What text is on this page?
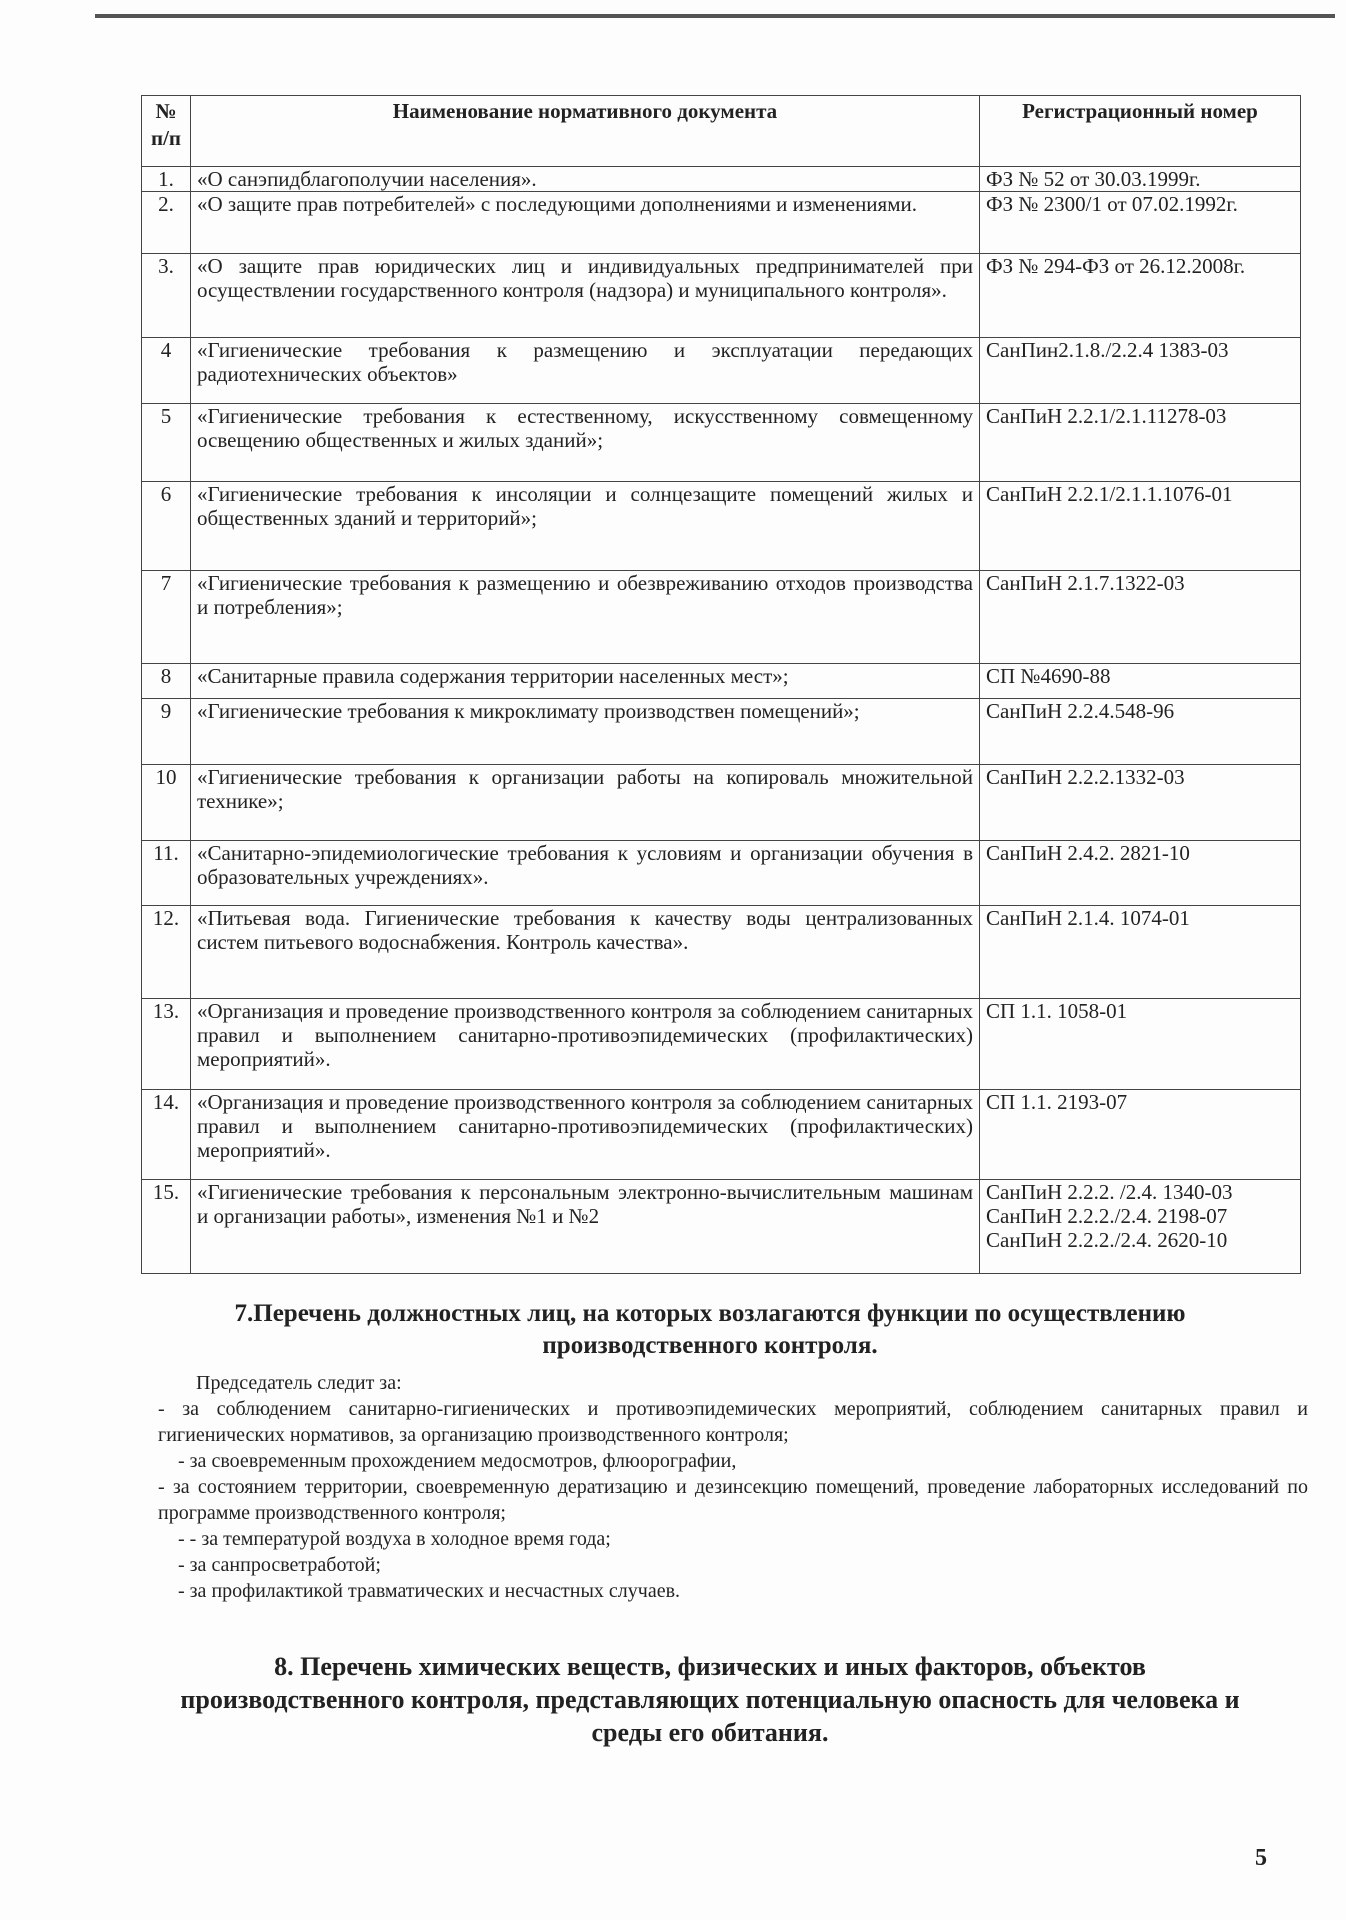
№ п/п	Наименование нормативного документа	Регистрационный номер
1.	«О санэпидблагополучии населения».	ФЗ № 52 от 30.03.1999г.
2.	«О защите прав потребителей» с последующими дополнениями и изменениями.	ФЗ № 2300/1 от 07.02.1992г.
3.	«О защите прав юридических лиц и индивидуальных предпринимателей при осуществлении государственного контроля (надзора) и муниципального контроля».	ФЗ № 294-ФЗ от 26.12.2008г.
4	«Гигиенические требования к размещению и эксплуатации передающих радиотехнических объектов»	СанПин2.1.8./2.2.4 1383-03
5	«Гигиенические требования к естественному, искусственному совмещенному освещению общественных и жилых зданий»;	СанПиН 2.2.1/2.1.11278-03
6	«Гигиенические требования к инсоляции и солнцезащите помещений жилых и общественных зданий и территорий»;	СанПиН 2.2.1/2.1.1.1076-01
7	«Гигиенические требования к размещению и обезвреживанию отходов производства и потребления»;	СанПиН 2.1.7.1322-03
8	«Санитарные правила содержания территории населенных мест»;	СП №4690-88
9	«Гигиенические требования к микроклимату производствен помещений»;	СанПиН 2.2.4.548-96
10	«Гигиенические требования к организации работы на копироваль множительной технике»;	СанПиН 2.2.2.1332-03
11.	«Санитарно-эпидемиологические требования к условиям и организации обучения в образовательных учреждениях».	СанПиН 2.4.2. 2821-10
12.	«Питьевая вода. Гигиенические требования к качеству воды централизованных систем питьевого водоснабжения. Контроль качества».	СанПиН 2.1.4. 1074-01
13.	«Организация и проведение производственного контроля за соблюдением санитарных правил и выполнением санитарно-противоэпидемических (профилактических) мероприятий».	СП 1.1. 1058-01
14.	«Организация и проведение производственного контроля за соблюдением санитарных правил и выполнением санитарно-противоэпидемических (профилактических) мероприятий».	СП 1.1. 2193-07
15.	«Гигиенические требования к персональным электронно-вычислительным машинам и организации работы», изменения №1 и №2	СанПиН 2.2.2. /2.4. 1340-03
СанПиН 2.2.2./2.4. 2198-07
СанПиН 2.2.2./2.4. 2620-10
7.Перечень должностных лиц, на которых возлагаются функции по осуществлению производственного контроля.

Председатель следит за:

- за соблюдением санитарно-гигиенических и противоэпидемических мероприятий, соблюдением санитарных правил и гигиенических нормативов, за организацию производственного контроля;

- за своевременным прохождением медосмотров, флюорографии,

- за состоянием территории, своевременную дератизацию и дезинсекцию помещений, проведение лабораторных исследований по программе производственного контроля;

- - за температурой воздуха в холодное время года;

- за санпросветработой;

- за профилактикой травматических и несчастных случаев.

8. Перечень химических веществ, физических и иных факторов, объектов производственного контроля, представляющих потенциальную опасность для человека и среды его обитания.
5
